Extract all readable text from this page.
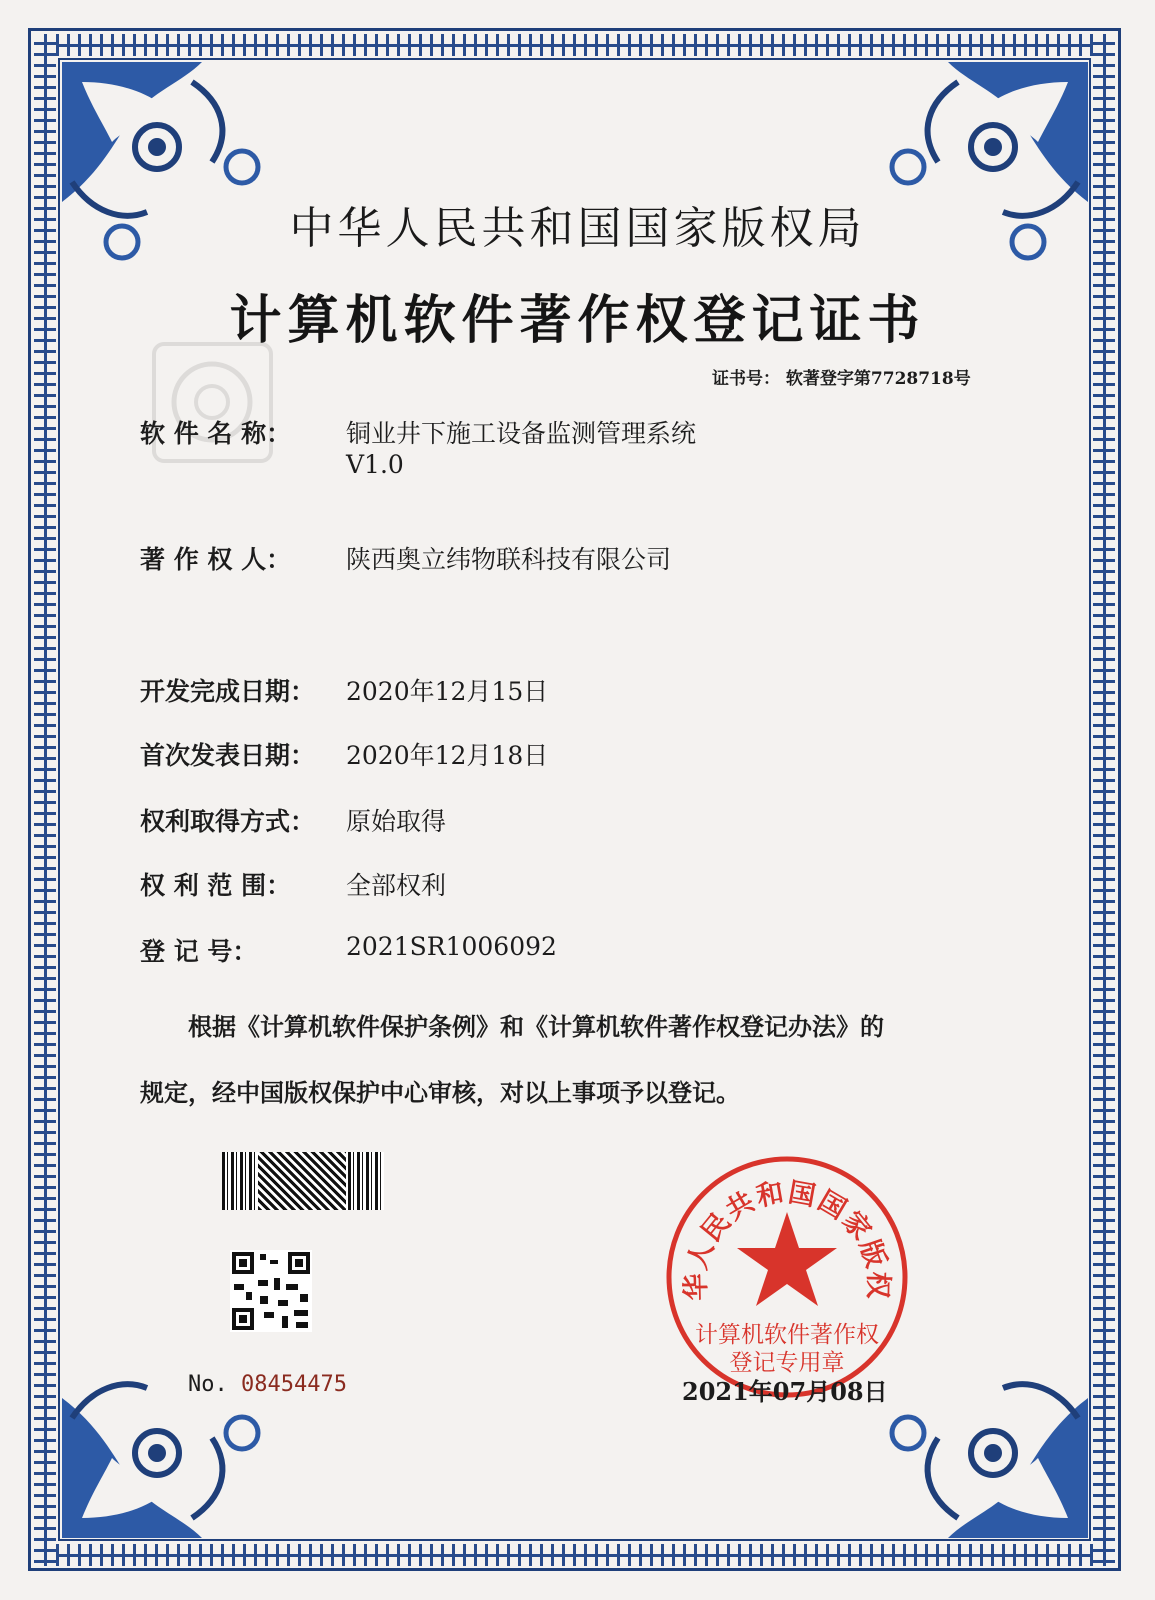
中华人民共和国国家版权局
计算机软件著作权登记证书
证书号： 软著登字第7728718号
软 件 名 称： 铜业井下施工设备监测管理系统
V1.0
著 作 权 人： 陕西奥立纬物联科技有限公司
开发完成日期： 2020年12月15日
首次发表日期： 2020年12月18日
权利取得方式： 原始取得
权 利 范 围： 全部权利
登 记 号：	2021SR1006092
根据《计算机软件保护条例》和《计算机软件著作权登记办法》的
规定，经中国版权保护中心审核，对以上事项予以登记。
No. 08454475
华人民共和国国家版权
计算机软件著作权
登记专用章
2021年07月08日
